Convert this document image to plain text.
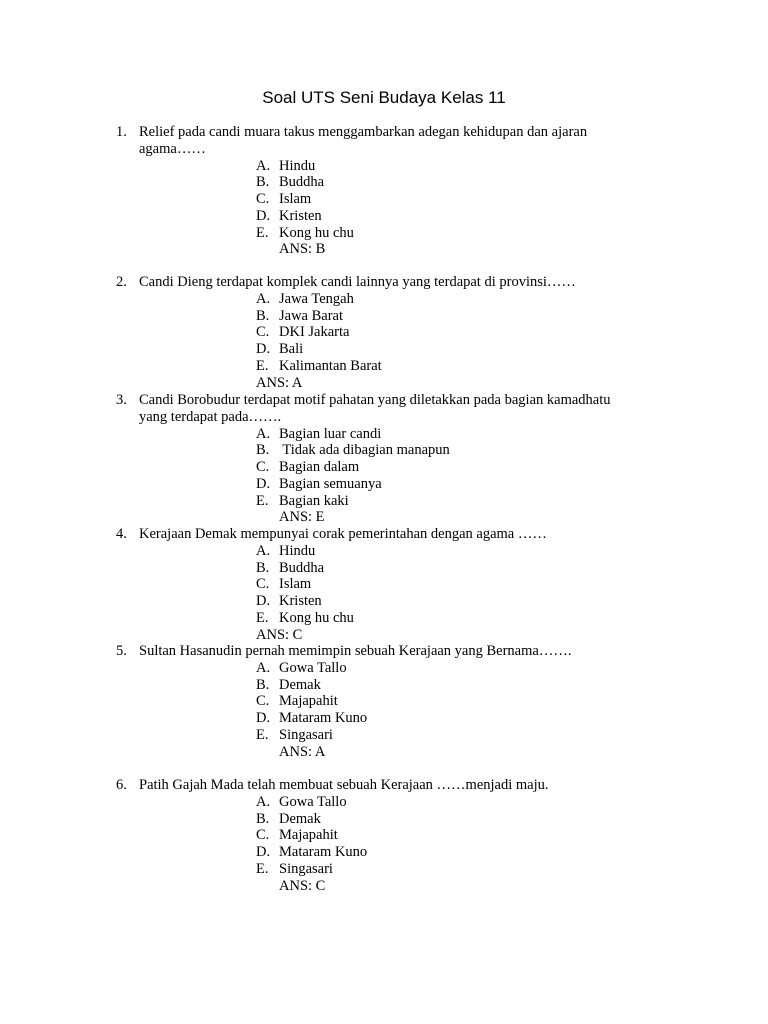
Soal UTS Seni Budaya Kelas 11
1. Relief pada candi muara takus menggambarkan adegan kehidupan dan ajaran
agama……
A. Hindu
B. Buddha
C. Islam
D. Kristen
E. Kong hu chu
ANS: B
2. Candi Dieng terdapat komplek candi lainnya yang terdapat di provinsi……
A. Jawa Tengah
B. Jawa Barat
C. DKI Jakarta
D. Bali
E. Kalimantan Barat
ANS: A
3. Candi Borobudur terdapat motif pahatan yang diletakkan pada bagian kamadhatu
yang terdapat pada…….
A. Bagian luar candi
B. Tidak ada dibagian manapun
C. Bagian dalam
D. Bagian semuanya
E. Bagian kaki
ANS: E
4. Kerajaan Demak mempunyai corak pemerintahan dengan agama ……
A. Hindu
B. Buddha
C. Islam
D. Kristen
E. Kong hu chu
ANS: C
5. Sultan Hasanudin pernah memimpin sebuah Kerajaan yang Bernama…….
A. Gowa Tallo
B. Demak
C. Majapahit
D. Mataram Kuno
E. Singasari
ANS: A
6. Patih Gajah Mada telah membuat sebuah Kerajaan ……menjadi maju.
A. Gowa Tallo
B. Demak
C. Majapahit
D. Mataram Kuno
E. Singasari
ANS: C
